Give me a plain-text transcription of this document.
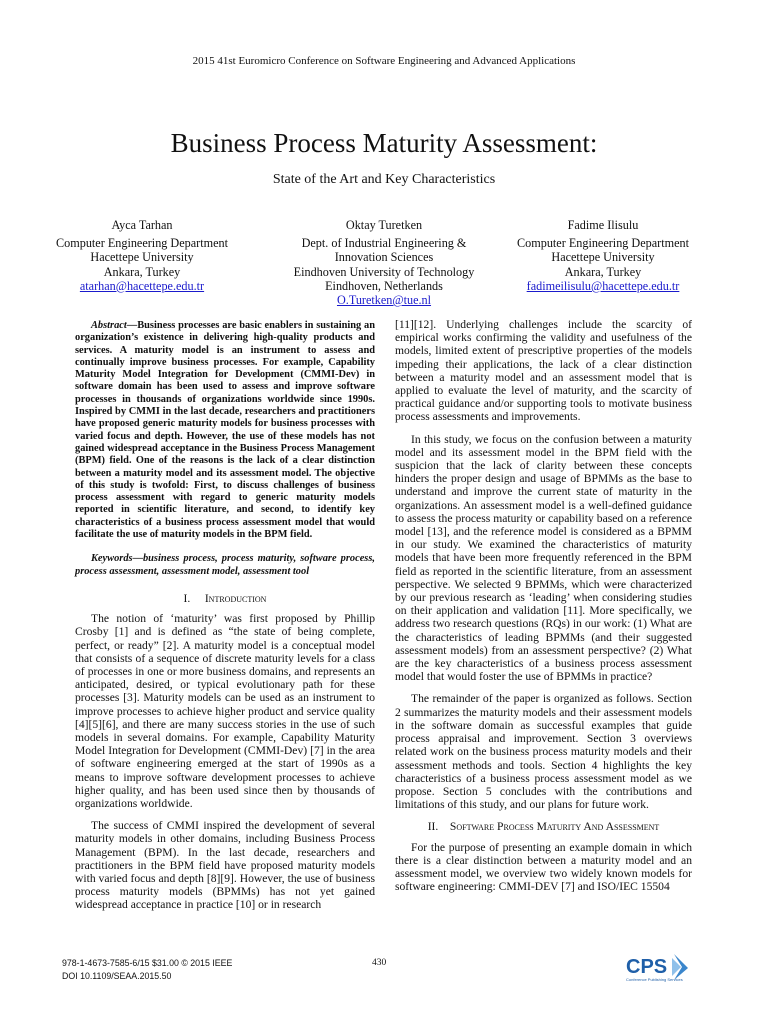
2015 41st Euromicro Conference on Software Engineering and Advanced Applications
Business Process Maturity Assessment:
State of the Art and Key Characteristics
Ayca Tarhan
Computer Engineering Department
Hacettepe University
Ankara, Turkey
atarhan@hacettepe.edu.tr
Oktay Turetken
Dept. of Industrial Engineering &
Innovation Sciences
Eindhoven University of Technology
Eindhoven, Netherlands
O.Turetken@tue.nl
Fadime Ilisulu
Computer Engineering Department
Hacettepe University
Ankara, Turkey
fadimeilisulu@hacettepe.edu.tr
Abstract—Business processes are basic enablers in sustaining an organization’s existence in delivering high-quality products and services. A maturity model is an instrument to assess and continually improve business processes. For example, Capability Maturity Model Integration for Development (CMMI-Dev) in software domain has been used to assess and improve software processes in thousands of organizations worldwide since 1990s. Inspired by CMMI in the last decade, researchers and practitioners have proposed generic maturity models for business processes with varied focus and depth. However, the use of these models has not gained widespread acceptance in the Business Process Management (BPM) field. One of the reasons is the lack of a clear distinction between a maturity model and its assessment model. The objective of this study is twofold: First, to discuss challenges of business process assessment with regard to generic maturity models reported in scientific literature, and second, to identify key characteristics of a business process assessment model that would facilitate the use of maturity models in the BPM field.
Keywords—business process, process maturity, software process, process assessment, assessment model, assessment tool
I. Introduction

The notion of ‘maturity’ was first proposed by Phillip Crosby [1] and is defined as “the state of being complete, perfect, or ready” [2]. A maturity model is a conceptual model that consists of a sequence of discrete maturity levels for a class of processes in one or more business domains, and represents an anticipated, desired, or typical evolutionary path for these processes [3]. Maturity models can be used as an instrument to improve processes to achieve higher product and service quality [4][5][6], and there are many success stories in the use of such models in several domains. For example, Capability Maturity Model Integration for Development (CMMI-Dev) [7] in the area of software engineering emerged at the start of 1990s as a means to improve software development processes to achieve higher quality, and has been used since then by thousands of organizations worldwide.

The success of CMMI inspired the development of several maturity models in other domains, including Business Process Management (BPM). In the last decade, researchers and practitioners in the BPM field have proposed maturity models with varied focus and depth [8][9]. However, the use of business process maturity models (BPMMs) has not yet gained widespread acceptance in practice [10] or in research

[11][12]. Underlying challenges include the scarcity of empirical works confirming the validity and usefulness of the models, limited extent of prescriptive properties of the models impeding their applications, the lack of a clear distinction between a maturity model and an assessment model that is applied to evaluate the level of maturity, and the scarcity of practical guidance and/or supporting tools to motivate business process assessments and improvements.

In this study, we focus on the confusion between a maturity model and its assessment model in the BPM field with the suspicion that the lack of clarity between these concepts hinders the proper design and usage of BPMMs as the base to understand and improve the current state of maturity in the organizations. An assessment model is a well-defined guidance to assess the process maturity or capability based on a reference model [13], and the reference model is considered as a BPMM in our study. We examined the characteristics of maturity models that have been more frequently referenced in the BPM field as reported in the scientific literature, from an assessment perspective. We selected 9 BPMMs, which were characterized by our previous research as ‘leading’ when considering studies on their application and validation [11]. More specifically, we address two research questions (RQs) in our work: (1) What are the characteristics of leading BPMMs (and their suggested assessment models) from an assessment perspective? (2) What are the key characteristics of a business process assessment model that would foster the use of BPMMs in practice?

The remainder of the paper is organized as follows. Section 2 summarizes the maturity models and their assessment models in the software domain as successful examples that guide process appraisal and improvement. Section 3 overviews related work on the business process maturity models and their assessment methods and tools. Section 4 highlights the key characteristics of a business process assessment model as we propose. Section 5 concludes with the contributions and limitations of this study, and our plans for future work.

II. Software Process Maturity And Assessment

For the purpose of presenting an example domain in which there is a clear distinction between a maturity model and an assessment model, we overview two widely known models for software engineering: CMMI-DEV [7] and ISO/IEC 15504

978-1-4673-7585-6/15 $31.00 © 2015 IEEE
DOI 10.1109/SEAA.2015.50
430	CPS
Conference Publishing Services
